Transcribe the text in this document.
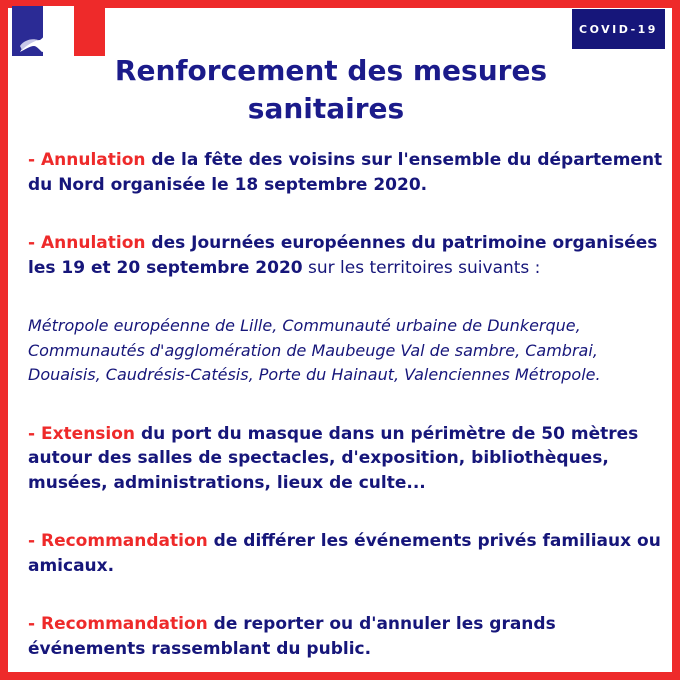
COVID-19
Renforcement des mesures
sanitaires

- Annulation de la fête des voisins sur l'ensemble du département du Nord organisée le 18 septembre 2020.

- Annulation des Journées européennes du patrimoine organisées les 19 et 20 septembre 2020 sur les territoires suivants :

Métropole européenne de Lille, Communauté urbaine de Dunkerque, Communautés d'agglomération de Maubeuge Val de sambre, Cambrai, Douaisis, Caudrésis-Catésis, Porte du Hainaut, Valenciennes Métropole.

- Extension du port du masque dans un périmètre de 50 mètres autour des salles de spectacles, d'exposition, bibliothèques, musées, administrations, lieux de culte...

- Recommandation de différer les événements privés familiaux ou amicaux.

- Recommandation de reporter ou d'annuler les grands événements rassemblant du public.
